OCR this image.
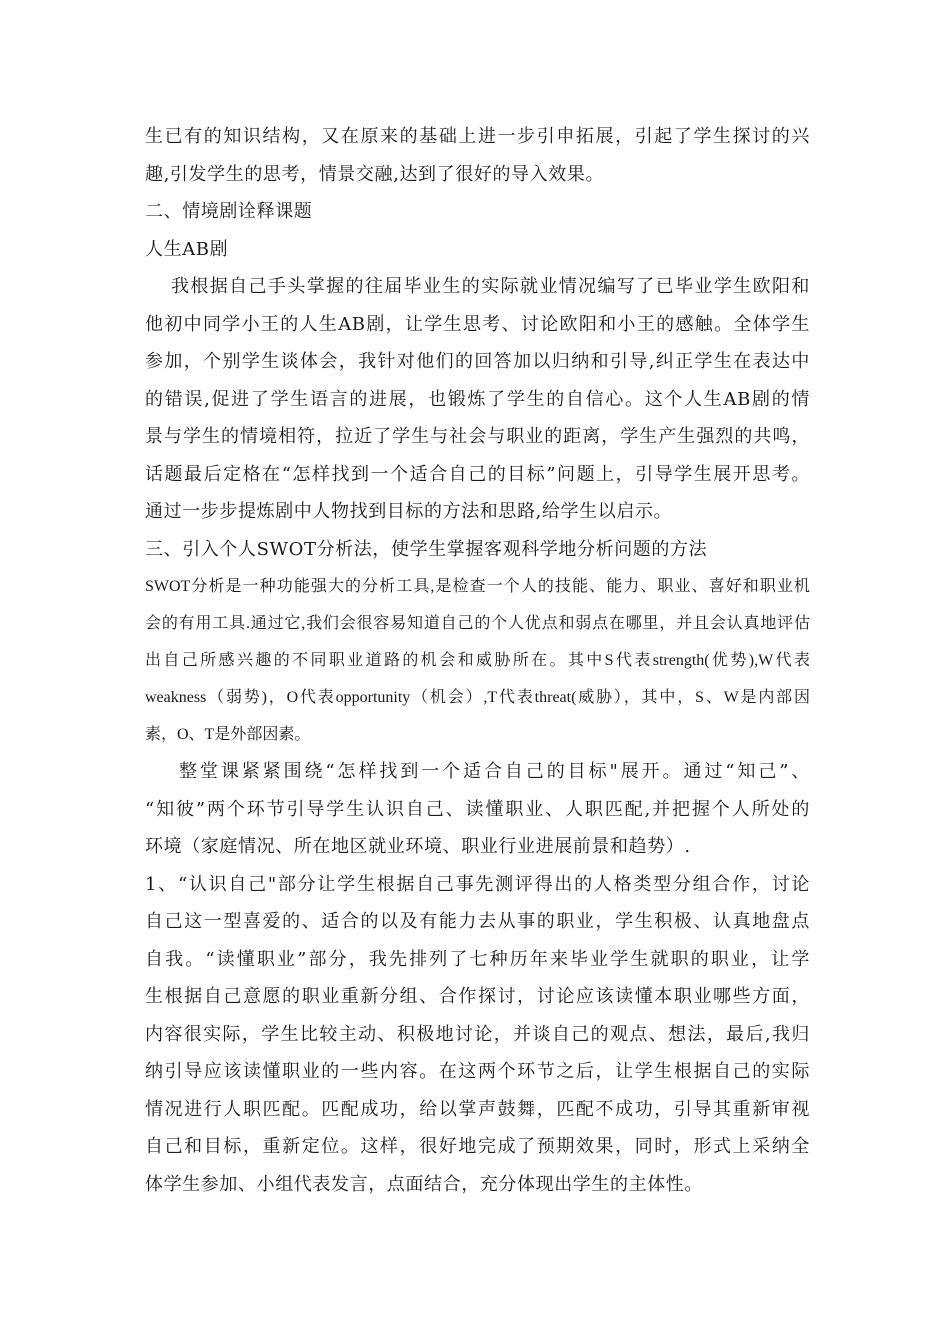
生已有的知识结构，又在原来的基础上进一步引申拓展，引起了学生探讨的兴
趣,引发学生的思考，情景交融,达到了很好的导入效果。
二、情境剧诠释课题
人生AB剧
我根据自己手头掌握的往届毕业生的实际就业情况编写了已毕业学生欧阳和
他初中同学小王的人生AB剧，让学生思考、讨论欧阳和小王的感触。全体学生
参加，个别学生谈体会，我针对他们的回答加以归纳和引导,纠正学生在表达中
的错误,促进了学生语言的进展，也锻炼了学生的自信心。这个人生AB剧的情
景与学生的情境相符，拉近了学生与社会与职业的距离，学生产生强烈的共鸣，
话题最后定格在“怎样找到一个适合自己的目标”问题上，引导学生展开思考。
通过一步步提炼剧中人物找到目标的方法和思路,给学生以启示。
三、引入个人SWOT分析法，使学生掌握客观科学地分析问题的方法
SWOT分析是一种功能强大的分析工具,是检查一个人的技能、能力、职业、喜好和职业机
会的有用工具.通过它,我们会很容易知道自己的个人优点和弱点在哪里，并且会认真地评估
出自己所感兴趣的不同职业道路的机会和威胁所在。其中S代表strength(优势),W代表
weakness（弱势)，O代表opportunity（机会）,T代表threat(威胁），其中，S、W是内部因
素，O、T是外部因素。
整堂课紧紧围绕“怎样找到一个适合自己的目标"展开。通过“知己”、
“知彼”两个环节引导学生认识自己、读懂职业、人职匹配,并把握个人所处的
环境（家庭情况、所在地区就业环境、职业行业进展前景和趋势）.
1、“认识自己"部分让学生根据自己事先测评得出的人格类型分组合作，讨论
自己这一型喜爱的、适合的以及有能力去从事的职业，学生积极、认真地盘点
自我。“读懂职业”部分，我先排列了七种历年来毕业学生就职的职业，让学
生根据自己意愿的职业重新分组、合作探讨，讨论应该读懂本职业哪些方面，
内容很实际，学生比较主动、积极地讨论，并谈自己的观点、想法，最后,我归
纳引导应该读懂职业的一些内容。在这两个环节之后，让学生根据自己的实际
情况进行人职匹配。匹配成功，给以掌声鼓舞，匹配不成功，引导其重新审视
自己和目标，重新定位。这样，很好地完成了预期效果，同时，形式上采纳全
体学生参加、小组代表发言，点面结合，充分体现出学生的主体性。
